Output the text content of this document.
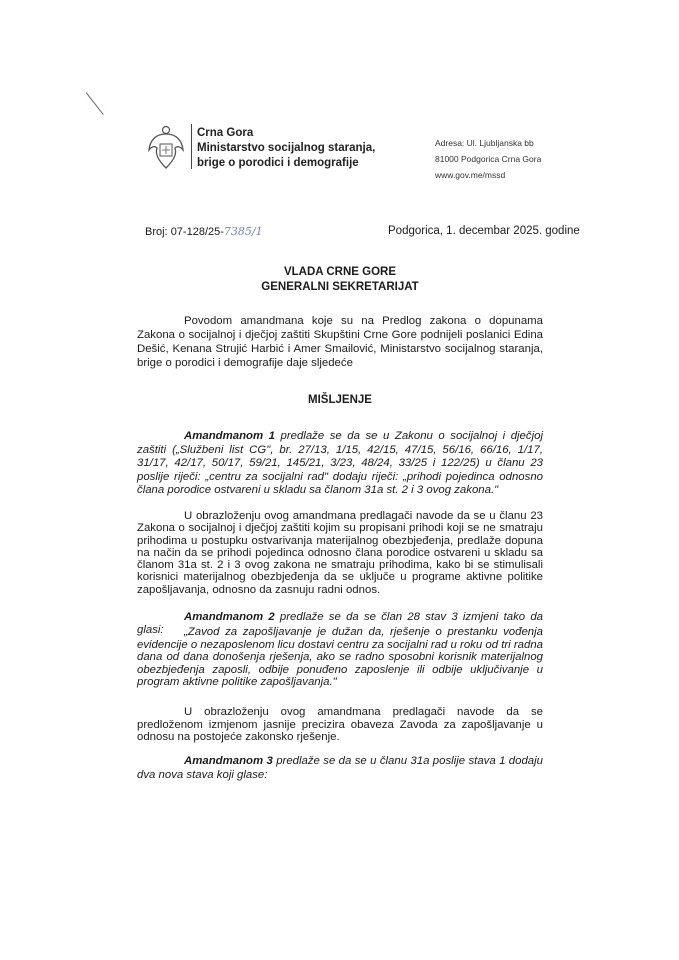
Crna Gora
Ministarstvo socijalnog staranja,
brige o porodici i demografije
Adresa: Ul. Ljubljanska bb
81000 Podgorica Crna Gora
www.gov.me/mssd
Broj: 07-128/25-7385/1	Podgorica, 1. decembar 2025. godine
VLADA CRNE GORE
GENERALNI SEKRETARIJAT

Povodom amandmana koje su na Predlog zakona o dopunama Zakona o socijalnoj i dječjoj zaštiti Skupštini Crne Gore podnijeli poslanici Edina Dešić, Kenana Strujić Harbić i Amer Smailović, Ministarstvo socijalnog staranja, brige o porodici i demografije daje sljedeće

MIŠLJENJE

Amandmanom 1 predlaže se da se u Zakonu o socijalnoj i dječjoj zaštiti („Službeni list CG", br. 27/13, 1/15, 42/15, 47/15, 56/16, 66/16, 1/17, 31/17, 42/17, 50/17, 59/21, 145/21, 3/23, 48/24, 33/25 i 122/25) u članu 23 poslije riječi: „centru za socijalni rad" dodaju riječi: „prihodi pojedinca odnosno člana porodice ostvareni u skladu sa članom 31a st. 2 i 3 ovog zakona."

U obrazloženju ovog amandmana predlagači navode da se u članu 23 Zakona o socijalnoj i dječjoj zaštiti kojim su propisani prihodi koji se ne smatraju prihodima u postupku ostvarivanja materijalnog obezbjeđenja, predlaže dopuna na način da se prihodi pojedinca odnosno člana porodice ostvareni u skladu sa članom 31a st. 2 i 3 ovog zakona ne smatraju prihodima, kako bi se stimulisali korisnici materijalnog obezbjeđenja da se uključe u programe aktivne politike zapošljavanja, odnosno da zasnuju radni odnos.

Amandmanom 2 predlaže se da se član 28 stav 3 izmjeni tako da glasi:	„Zavod za zapošljavanje je dužan da, rješenje o prestanku vođenja evidencije o nezaposlenom licu dostavi centru za socijalni rad u roku od tri radna dana od dana donošenja rješenja, ako se radno sposobni korisnik materijalnog obezbjeđenja zaposli, odbije ponuđeno zaposlenje ili odbije uključivanje u program aktivne politike zapošljavanja."

U obrazloženju ovog amandmana predlagači navode da se predloženom izmjenom jasnije precizira obaveza Zavoda za zapošljavanje u odnosu na postojeće zakonsko rješenje.

Amandmanom 3 predlaže se da se u članu 31a poslije stava 1 dodaju dva nova stava koji glase:
